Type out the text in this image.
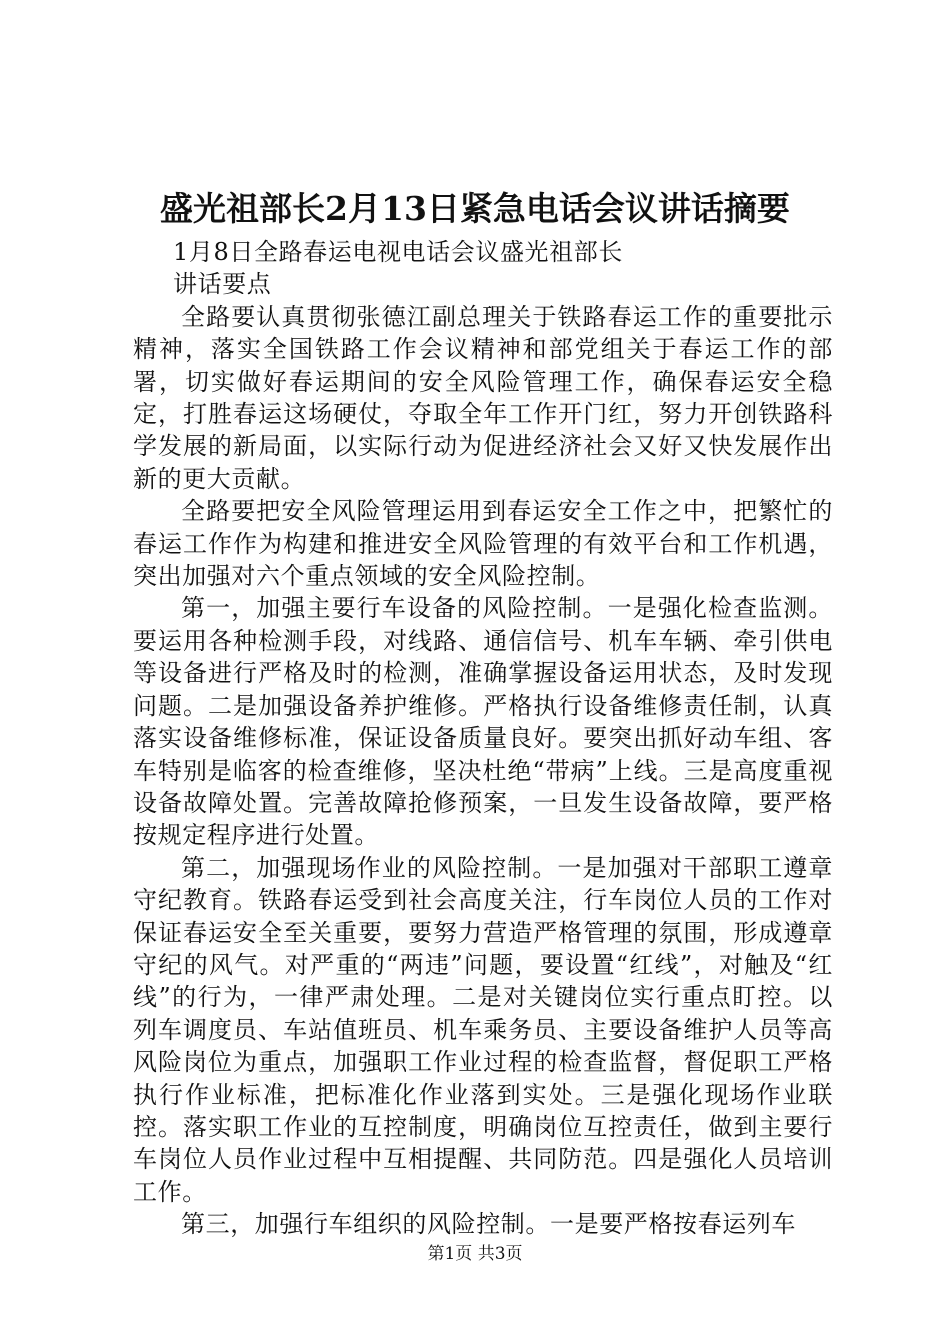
盛光祖部长2月13日紧急电话会议讲话摘要

1月8日全路春运电视电话会议盛光祖部长

讲话要点

全路要认真贯彻张德江副总理关于铁路春运工作的重要批示精神，落实全国铁路工作会议精神和部党组关于春运工作的部署，切实做好春运期间的安全风险管理工作，确保春运安全稳定，打胜春运这场硬仗，夺取全年工作开门红，努力开创铁路科学发展的新局面，以实际行动为促进经济社会又好又快发展作出新的更大贡献。

全路要把安全风险管理运用到春运安全工作之中，把繁忙的春运工作作为构建和推进安全风险管理的有效平台和工作机遇，突出加强对六个重点领域的安全风险控制。

第一，加强主要行车设备的风险控制。一是强化检查监测。要运用各种检测手段，对线路、通信信号、机车车辆、牵引供电等设备进行严格及时的检测，准确掌握设备运用状态，及时发现问题。二是加强设备养护维修。严格执行设备维修责任制，认真落实设备维修标准，保证设备质量良好。要突出抓好动车组、客车特别是临客的检查维修，坚决杜绝“带病”上线。三是高度重视设备故障处置。完善故障抢修预案，一旦发生设备故障，要严格按规定程序进行处置。

第二，加强现场作业的风险控制。一是加强对干部职工遵章守纪教育。铁路春运受到社会高度关注，行车岗位人员的工作对保证春运安全至关重要，要努力营造严格管理的氛围，形成遵章守纪的风气。对严重的“两违”问题，要设置“红线”，对触及“红线”的行为，一律严肃处理。二是对关键岗位实行重点盯控。以列车调度员、车站值班员、机车乘务员、主要设备维护人员等高风险岗位为重点，加强职工作业过程的检查监督，督促职工严格执行作业标准，把标准化作业落到实处。三是强化现场作业联控。落实职工作业的互控制度，明确岗位互控责任，做到主要行车岗位人员作业过程中互相提醒、共同防范。四是强化人员培训工作。

第三，加强行车组织的风险控制。一是要严格按春运列车

第1页 共3页
